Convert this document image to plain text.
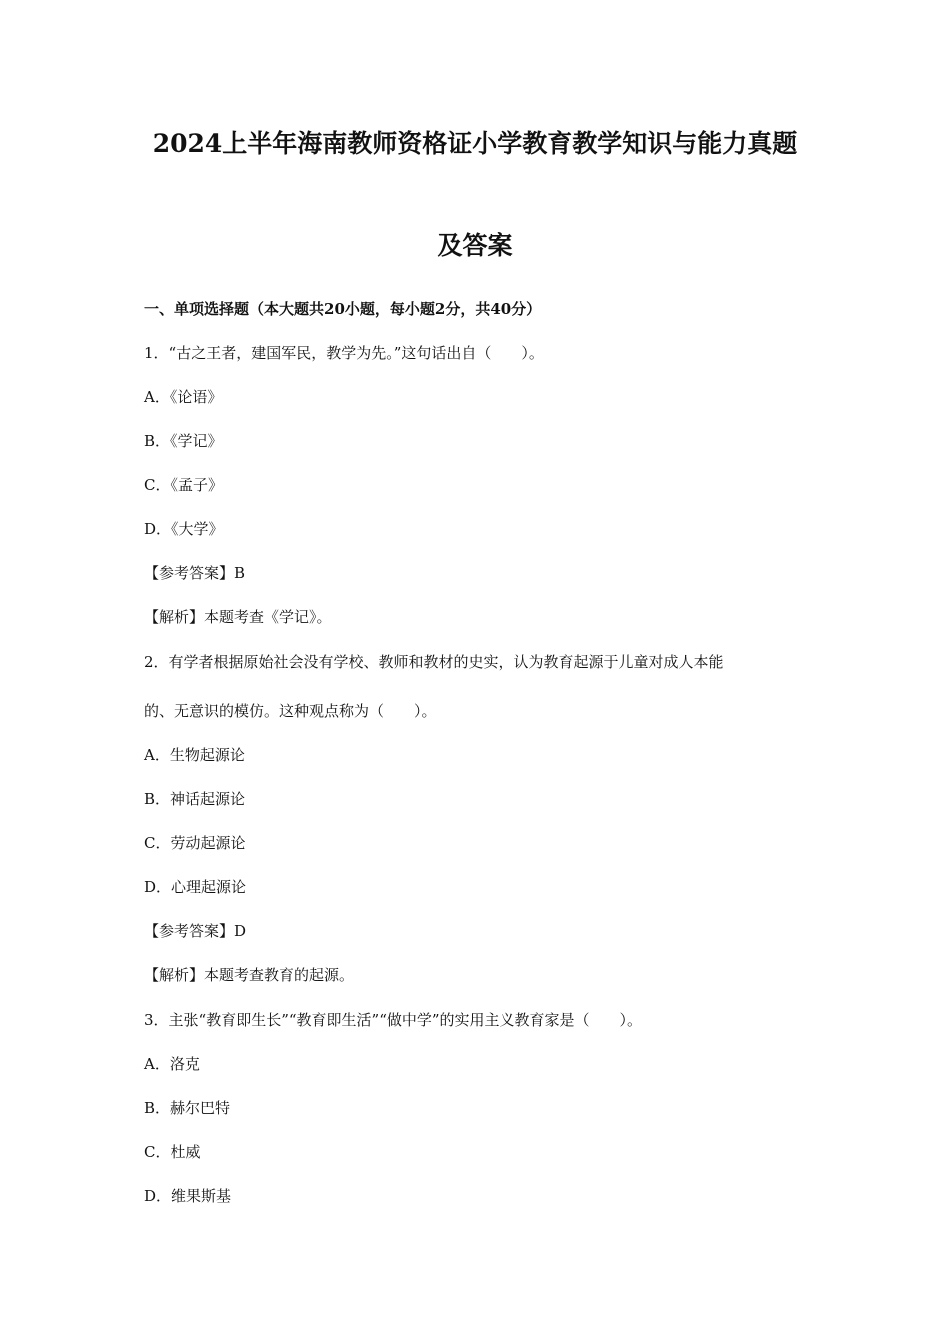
2024上半年海南教师资格证小学教育教学知识与能力真题
及答案
一、单项选择题（本大题共20小题，每小题2分，共40分）
1．“古之王者，建国军民，教学为先。”这句话出自（　　）。
A．《论语》
B．《学记》
C．《孟子》
D．《大学》
【参考答案】B
【解析】本题考查《学记》。
2．有学者根据原始社会没有学校、教师和教材的史实，认为教育起源于儿童对成人本能
的、无意识的模仿。这种观点称为（　　）。
A．生物起源论
B．神话起源论
C．劳动起源论
D．心理起源论
【参考答案】D
【解析】本题考查教育的起源。
3．主张“教育即生长”“教育即生活”“做中学”的实用主义教育家是（　　）。
A．洛克
B．赫尔巴特
C．杜威
D．维果斯基
